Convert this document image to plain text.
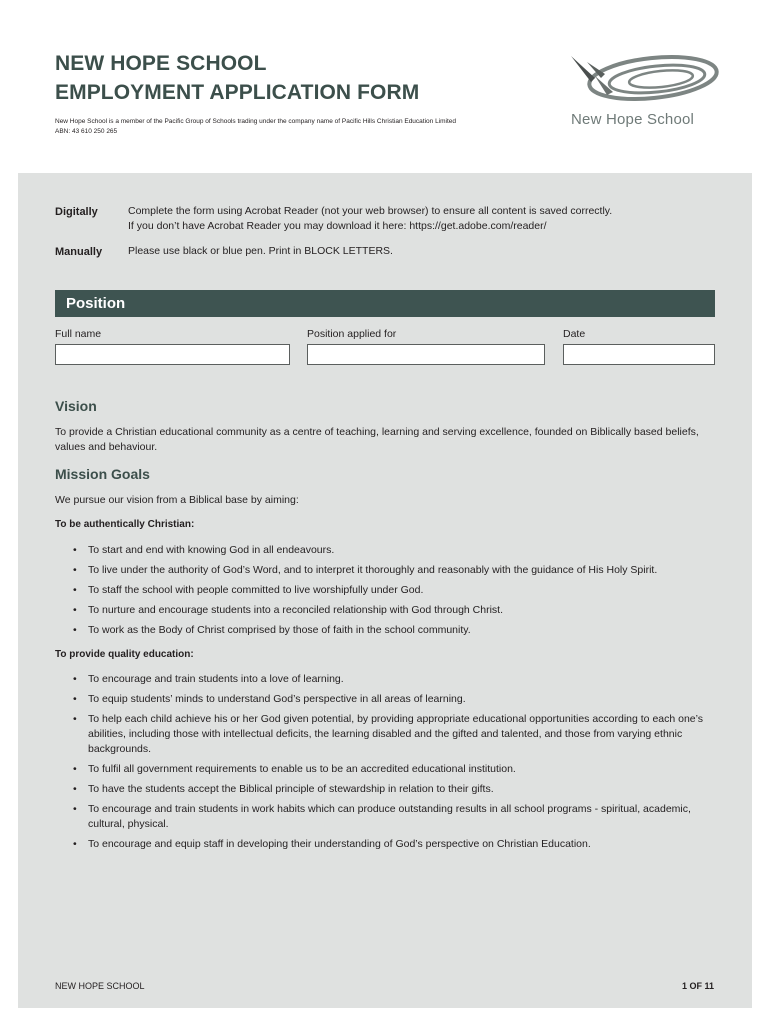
NEW HOPE SCHOOL
EMPLOYMENT APPLICATION FORM
New Hope School is a member of the Pacific Group of Schools trading under the company name of Pacific Hills Christian Education Limited
ABN: 43 610 250 265
New Hope School
Digitally	Complete the form using Acrobat Reader (not your web browser) to ensure all content is saved correctly.
If you don’t have Acrobat Reader you may download it here: https://get.adobe.com/reader/
Manually Please use black or blue pen. Print in BLOCK LETTERS.
Position
Full name	Position applied for	Date
Vision
To provide a Christian educational community as a centre of teaching, learning and serving excellence, founded on Biblically based beliefs,
values and behaviour.
Mission Goals
We pursue our vision from a Biblical base by aiming:
To be authentically Christian:
• To start and end with knowing God in all endeavours.
• To live under the authority of God’s Word, and to interpret it thoroughly and reasonably with the guidance of His Holy Spirit.
• To staff the school with people committed to live worshipfully under God.
• To nurture and encourage students into a reconciled relationship with God through Christ.
• To work as the Body of Christ comprised by those of faith in the school community.
To provide quality education:
• To encourage and train students into a love of learning.
• To equip students’ minds to understand God’s perspective in all areas of learning.
• To help each child achieve his or her God given potential, by providing appropriate educational opportunities according to each one’s abilities, including those with intellectual deficits, the learning disabled and the gifted and talented, and those from varying ethnic backgrounds.
• To fulfil all government requirements to enable us to be an accredited educational institution.
• To have the students accept the Biblical principle of stewardship in relation to their gifts.
• To encourage and train students in work habits which can produce outstanding results in all school programs - spiritual, academic, cultural, physical.
• To encourage and equip staff in developing their understanding of God’s perspective on Christian Education.
NEW HOPE SCHOOL	1 OF 11
